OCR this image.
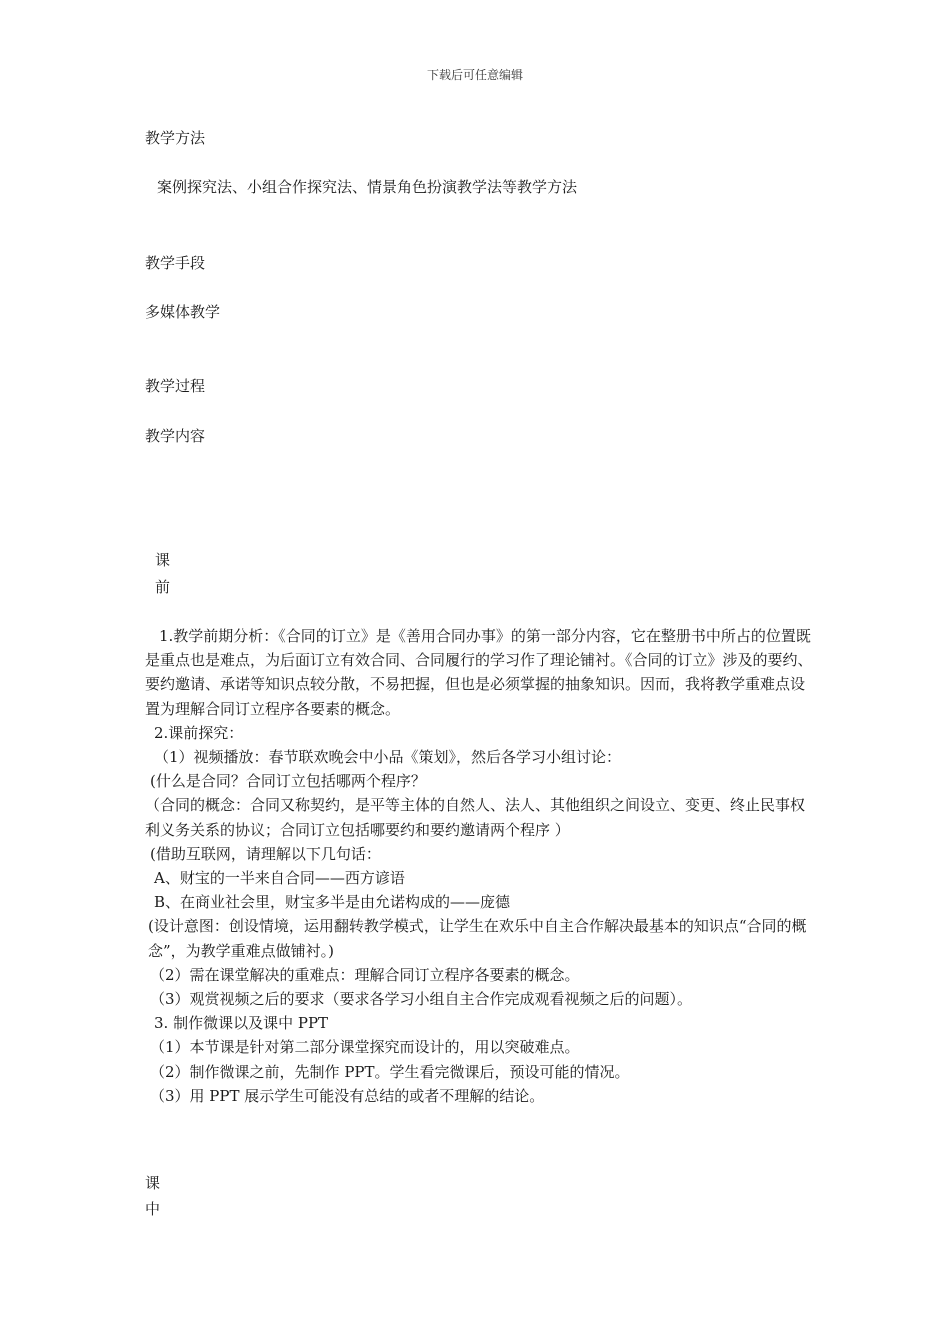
下载后可任意编辑
教学方法
案例探究法、小组合作探究法、情景角色扮演教学法等教学方法
教学手段
多媒体教学
教学过程
教学内容
课
前

1.教学前期分析：《合同的订立》是《善用合同办事》的第一部分内容，它在整册书中所占的位置既是重点也是难点，为后面订立有效合同、合同履行的学习作了理论铺衬。《合同的订立》涉及的要约、要约邀请、承诺等知识点较分散，不易把握，但也是必须掌握的抽象知识。因而，我将教学重难点设置为理解合同订立程序各要素的概念。

2.课前探究：

（1）视频播放：春节联欢晚会中小品《策划》，然后各学习小组讨论：

(什么是合同？合同订立包括哪两个程序？

（合同的概念：合同又称契约，是平等主体的自然人、法人、其他组织之间设立、变更、终止民事权利义务关系的协议；合同订立包括哪要约和要约邀请两个程序 ）

(借助互联网，请理解以下几句话：

A、财宝的一半来自合同——西方谚语

B、在商业社会里，财宝多半是由允诺构成的——庞德

(设计意图：创设情境，运用翻转教学模式，让学生在欢乐中自主合作解决最基本的知识点“合同的概念”，为教学重难点做铺衬。)

（2）需在课堂解决的重难点：理解合同订立程序各要素的概念。

（3）观赏视频之后的要求（要求各学习小组自主合作完成观看视频之后的问题）。

3. 制作微课以及课中 PPT

（1）本节课是针对第二部分课堂探究而设计的，用以突破难点。

（2）制作微课之前，先制作 PPT。学生看完微课后，预设可能的情况。

（3）用 PPT 展示学生可能没有总结的或者不理解的结论。

课
中
